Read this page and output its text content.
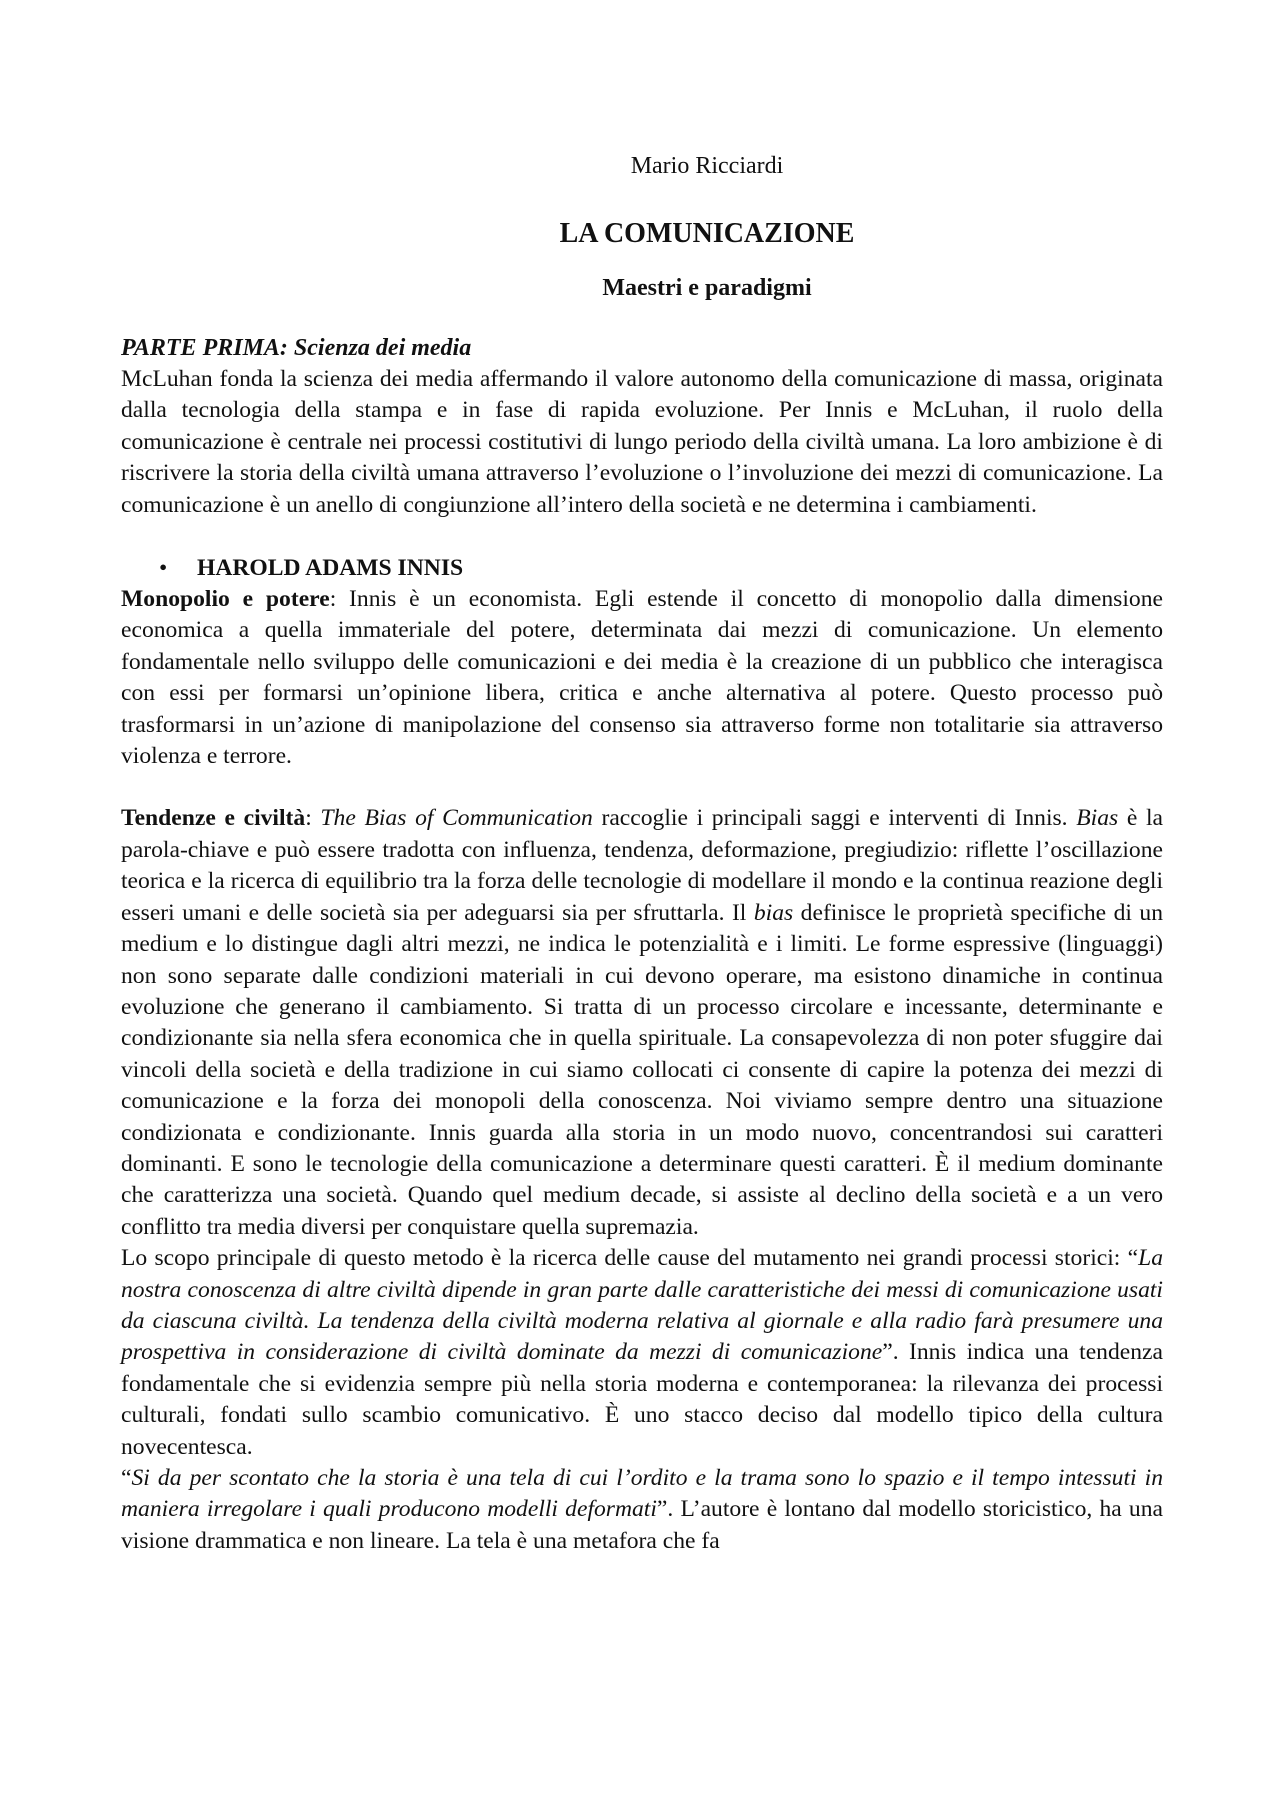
Mario Ricciardi
LA COMUNICAZIONE
Maestri e paradigmi
PARTE PRIMA: Scienza dei media

McLuhan fonda la scienza dei media affermando il valore autonomo della comunicazione di massa, originata dalla tecnologia della stampa e in fase di rapida evoluzione. Per Innis e McLuhan, il ruolo della comunicazione è centrale nei processi costitutivi di lungo periodo della civiltà umana. La loro ambizione è di riscrivere la storia della civiltà umana attraverso l’evoluzione o l’involuzione dei mezzi di comunicazione. La comunicazione è un anello di congiunzione all’intero della società e ne determina i cambiamenti.

•	HAROLD ADAMS INNIS

Monopolio e potere: Innis è un economista. Egli estende il concetto di monopolio dalla dimensione economica a quella immateriale del potere, determinata dai mezzi di comunicazione. Un elemento fondamentale nello sviluppo delle comunicazioni e dei media è la creazione di un pubblico che interagisca con essi per formarsi un’opinione libera, critica e anche alternativa al potere. Questo processo può trasformarsi in un’azione di manipolazione del consenso sia attraverso forme non totalitarie sia attraverso violenza e terrore.

Tendenze e civiltà: The Bias of Communication raccoglie i principali saggi e interventi di Innis. Bias è la parola-chiave e può essere tradotta con influenza, tendenza, deformazione, pregiudizio: riflette l’oscillazione teorica e la ricerca di equilibrio tra la forza delle tecnologie di modellare il mondo e la continua reazione degli esseri umani e delle società sia per adeguarsi sia per sfruttarla. Il bias definisce le proprietà specifiche di un medium e lo distingue dagli altri mezzi, ne indica le potenzialità e i limiti. Le forme espressive (linguaggi) non sono separate dalle condizioni materiali in cui devono operare, ma esistono dinamiche in continua evoluzione che generano il cambiamento. Si tratta di un processo circolare e incessante, determinante e condizionante sia nella sfera economica che in quella spirituale. La consapevolezza di non poter sfuggire dai vincoli della società e della tradizione in cui siamo collocati ci consente di capire la potenza dei mezzi di comunicazione e la forza dei monopoli della conoscenza. Noi viviamo sempre dentro una situazione condizionata e condizionante. Innis guarda alla storia in un modo nuovo, concentrandosi sui caratteri dominanti. E sono le tecnologie della comunicazione a determinare questi caratteri. È il medium dominante che caratterizza una società. Quando quel medium decade, si assiste al declino della società e a un vero conflitto tra media diversi per conquistare quella supremazia.

Lo scopo principale di questo metodo è la ricerca delle cause del mutamento nei grandi processi storici: “La nostra conoscenza di altre civiltà dipende in gran parte dalle caratteristiche dei messi di comunicazione usati da ciascuna civiltà. La tendenza della civiltà moderna relativa al giornale e alla radio farà presumere una prospettiva in considerazione di civiltà dominate da mezzi di comunicazione”. Innis indica una tendenza fondamentale che si evidenzia sempre più nella storia moderna e contemporanea: la rilevanza dei processi culturali, fondati sullo scambio comunicativo. È uno stacco deciso dal modello tipico della cultura novecentesca.

“Si da per scontato che la storia è una tela di cui l’ordito e la trama sono lo spazio e il tempo intessuti in maniera irregolare i quali producono modelli deformati”. L’autore è lontano dal modello storicistico, ha una visione drammatica e non lineare. La tela è una metafora che fa
